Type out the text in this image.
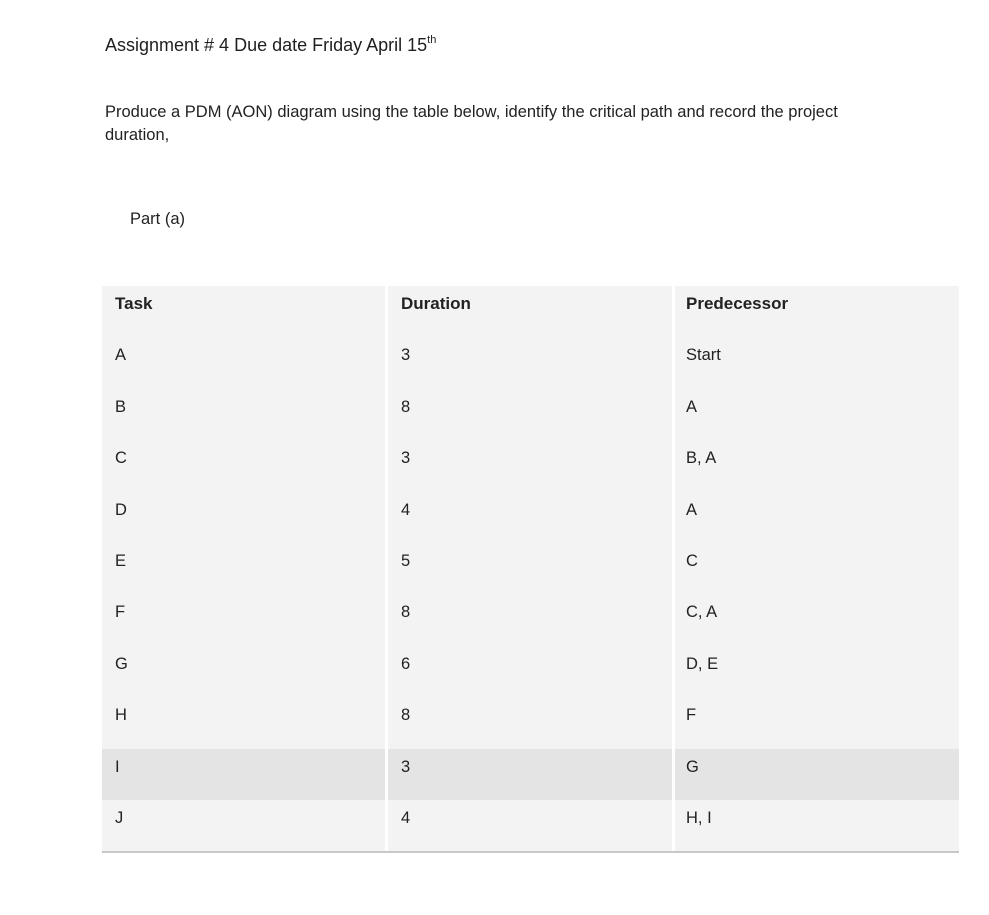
Assignment # 4 Due date Friday April 15th
Produce a PDM (AON) diagram using the table below, identify the critical path and record the project duration,
Part (a)
Task	Duration	Predecessor
A	3	Start
B	8	A
C	3	B, A
D	4	A
E	5	C
F	8	C, A
G	6	D, E
H	8	F
I	3	G
J	4	H, I
